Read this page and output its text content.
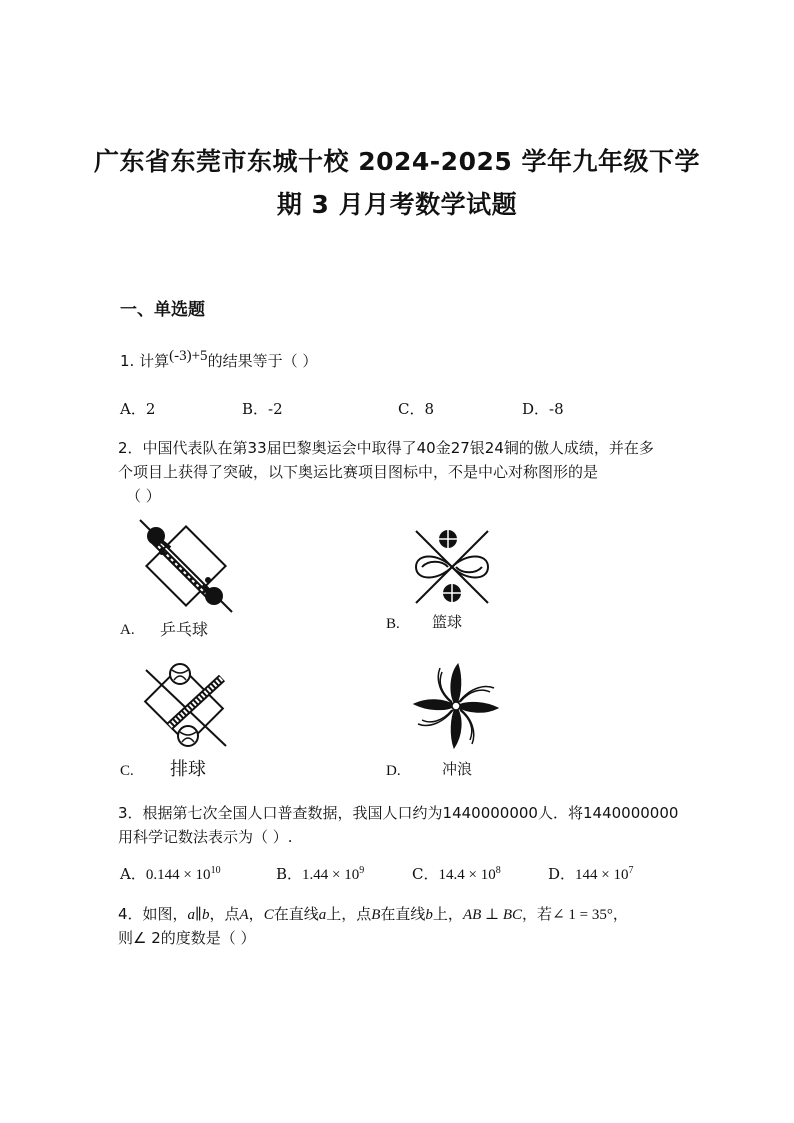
广东省东莞市东城十校 2024-2025 学年九年级下学
期 3 月月考数学试题
一、单选题
1. 计算(-3)+5的结果等于（ ）
A．2	B．-2	C．8	D．-8
2．中国代表队在第33届巴黎奥运会中取得了40金27银24铜的傲人成绩，并在多
个项目上获得了突破，以下奥运比赛项目图标中，不是中心对称图形的是
（ ）
A. 乒乓球	B. 篮球
C. 排球	D.	冲浪
3．根据第七次全国人口普查数据，我国人口约为1440000000人．将1440000000
用科学记数法表示为（ ）.
A．$0.144 \times 10^{10}$	B．$1.44 \times 10^9$	C．$14.4 \times 10^8$	D．$144 \times 10^7$
4．如图，a∥b，点A，C在直线a上，点B在直线b上，AB ⊥ BC，若∠ 1 = 35°，
则∠ 2的度数是（ ）
